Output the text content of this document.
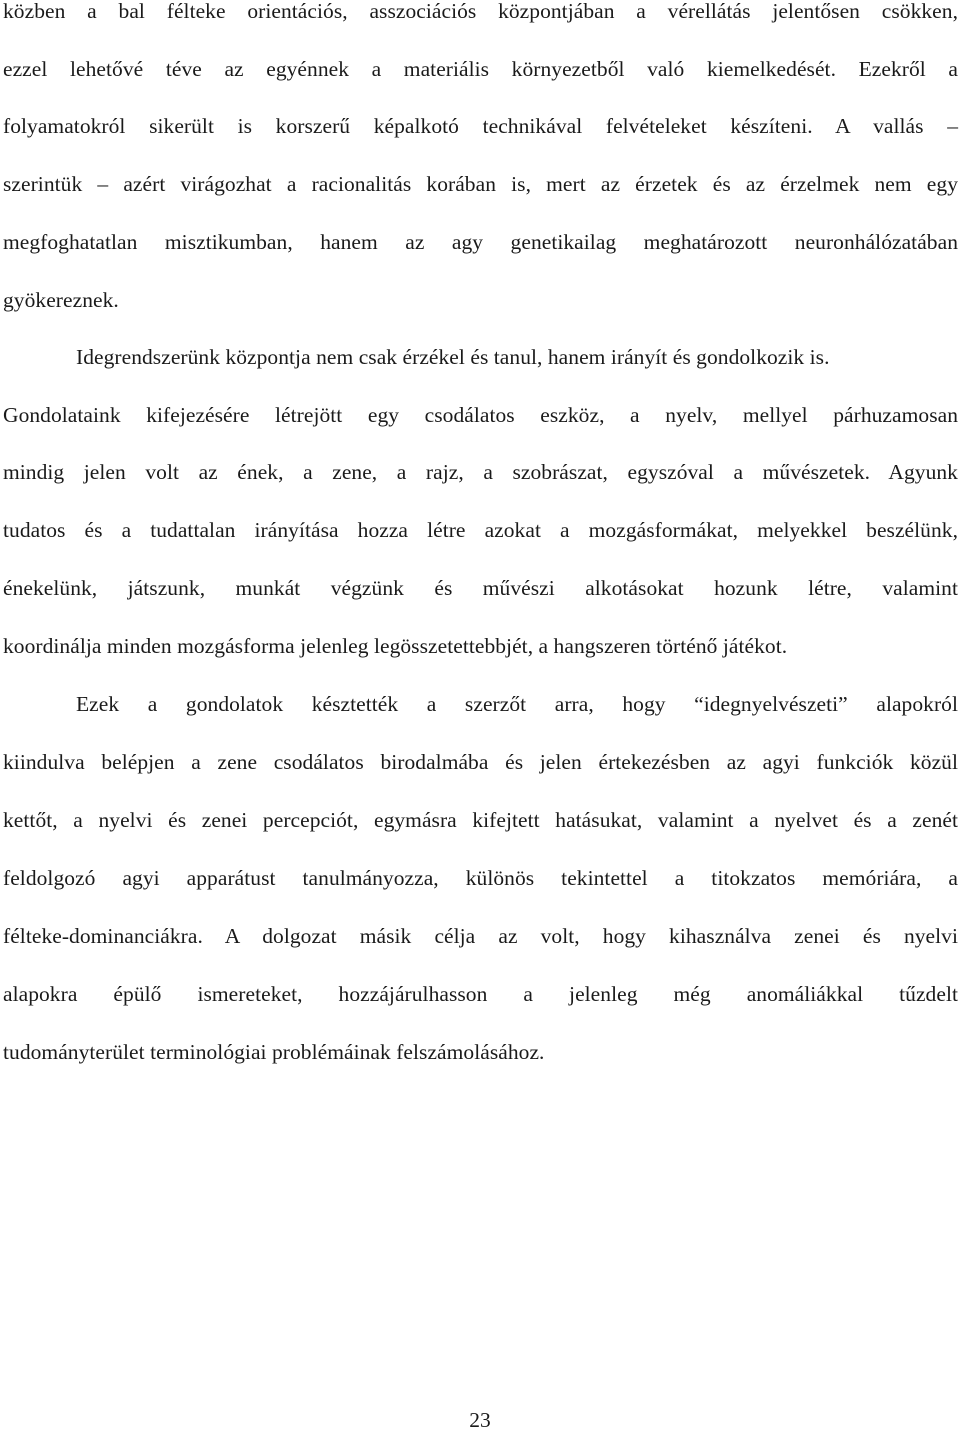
közben a bal félteke orientációs, asszociációs központjában a vérellátás jelentősen csökken,
ezzel lehetővé téve az egyénnek a materiális környezetből való kiemelkedését. Ezekről a
folyamatokról sikerült is korszerű képalkotó technikával felvételeket készíteni. A vallás –
szerintük – azért virágozhat a racionalitás korában is, mert az érzetek és az érzelmek nem egy
megfoghatatlan misztikumban, hanem az agy genetikailag meghatározott neuronhálózatában
gyökereznek.
Idegrendszerünk központja nem csak érzékel és tanul, hanem irányít és gondolkozik is.
Gondolataink kifejezésére létrejött egy csodálatos eszköz, a nyelv, mellyel párhuzamosan
mindig jelen volt az ének, a zene, a rajz, a szobrászat, egyszóval a művészetek. Agyunk
tudatos és a tudattalan irányítása hozza létre azokat a mozgásformákat, melyekkel beszélünk,
énekelünk, játszunk, munkát végzünk és művészi alkotásokat hozunk létre, valamint
koordinálja minden mozgásforma jelenleg legösszetettebbjét, a hangszeren történő játékot.
Ezek a gondolatok késztették a szerzőt arra, hogy “idegnyelvészeti” alapokról
kiindulva belépjen a zene csodálatos birodalmába és jelen értekezésben az agyi funkciók közül
kettőt, a nyelvi és zenei percepciót, egymásra kifejtett hatásukat, valamint a nyelvet és a zenét
feldolgozó agyi apparátust tanulmányozza, különös tekintettel a titokzatos memóriára, a
félteke-dominanciákra. A dolgozat másik célja az volt, hogy kihasználva zenei és nyelvi
alapokra épülő ismereteket, hozzájárulhasson a jelenleg még anomáliákkal tűzdelt
tudományterület terminológiai problémáinak felszámolásához.
23
